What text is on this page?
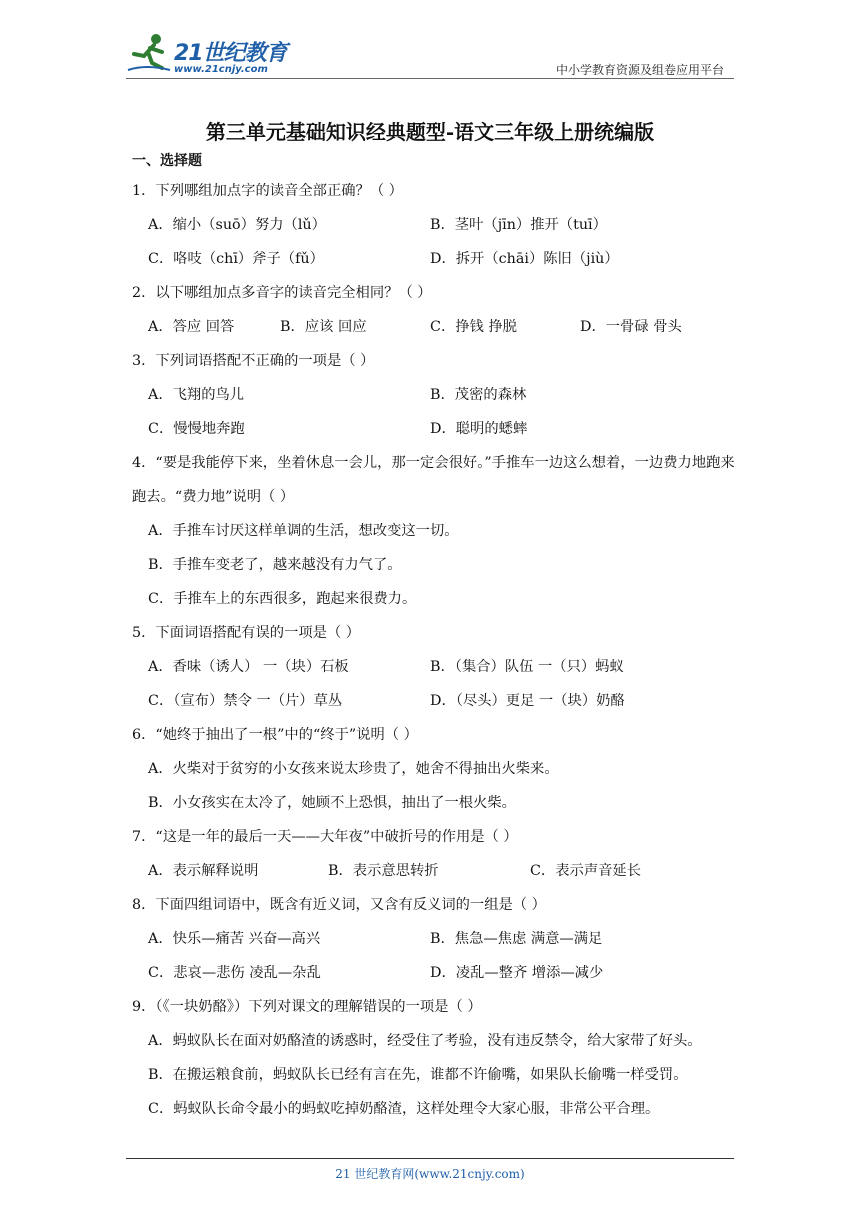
21世纪教育
www.21cnjy.com	中小学教育资源及组卷应用平台
第三单元基础知识经典题型-语文三年级上册统编版
一、选择题
1．下列哪组加点字的读音全部正确？（ ）
A．缩小（suō）努力（lǔ）	B．茎叶（jīn）推开（tuī）
C．咯吱（chī）斧子（fǔ）	D．拆开（chāi）陈旧（jiù）
2．以下哪组加点多音字的读音完全相同？（ ）
A．答应 回答	B．应该 回应	C．挣钱 挣脱	D．一骨碌 骨头
3．下列词语搭配不正确的一项是（ ）
A．飞翔的鸟儿	B．茂密的森林
C．慢慢地奔跑	D．聪明的蟋蟀
4．“要是我能停下来，坐着休息一会儿，那一定会很好。”手推车一边这么想着，一边费力地跑来跑去。“费力地”说明（ ）
A．手推车讨厌这样单调的生活，想改变这一切。
B．手推车变老了，越来越没有力气了。
C．手推车上的东西很多，跑起来很费力。
5．下面词语搭配有误的一项是（ ）
A．香味（诱人） 一（块）石板	B．（集合）队伍 一（只）蚂蚁
C．（宣布）禁令 一（片）草丛	D．（尽头）更足 一（块）奶酪
6．“她终于抽出了一根”中的“终于”说明（ ）
A．火柴对于贫穷的小女孩来说太珍贵了，她舍不得抽出火柴来。
B．小女孩实在太冷了，她顾不上恐惧，抽出了一根火柴。
7．“这是一年的最后一天——大年夜”中破折号的作用是（ ）
A．表示解释说明	B．表示意思转折	C．表示声音延长
8．下面四组词语中，既含有近义词，又含有反义词的一组是（ ）
A．快乐—痛苦 兴奋—高兴	B．焦急—焦虑 满意—满足
C．悲哀—悲伤 凌乱—杂乱	D．凌乱—整齐 增添—减少
9．（《一块奶酪》）下列对课文的理解错误的一项是（ ）
A．蚂蚁队长在面对奶酪渣的诱惑时，经受住了考验，没有违反禁令，给大家带了好头。
B．在搬运粮食前，蚂蚁队长已经有言在先，谁都不许偷嘴，如果队长偷嘴一样受罚。
C．蚂蚁队长命令最小的蚂蚁吃掉奶酪渣，这样处理令大家心服，非常公平合理。
21 世纪教育网(www.21cnjy.com)
